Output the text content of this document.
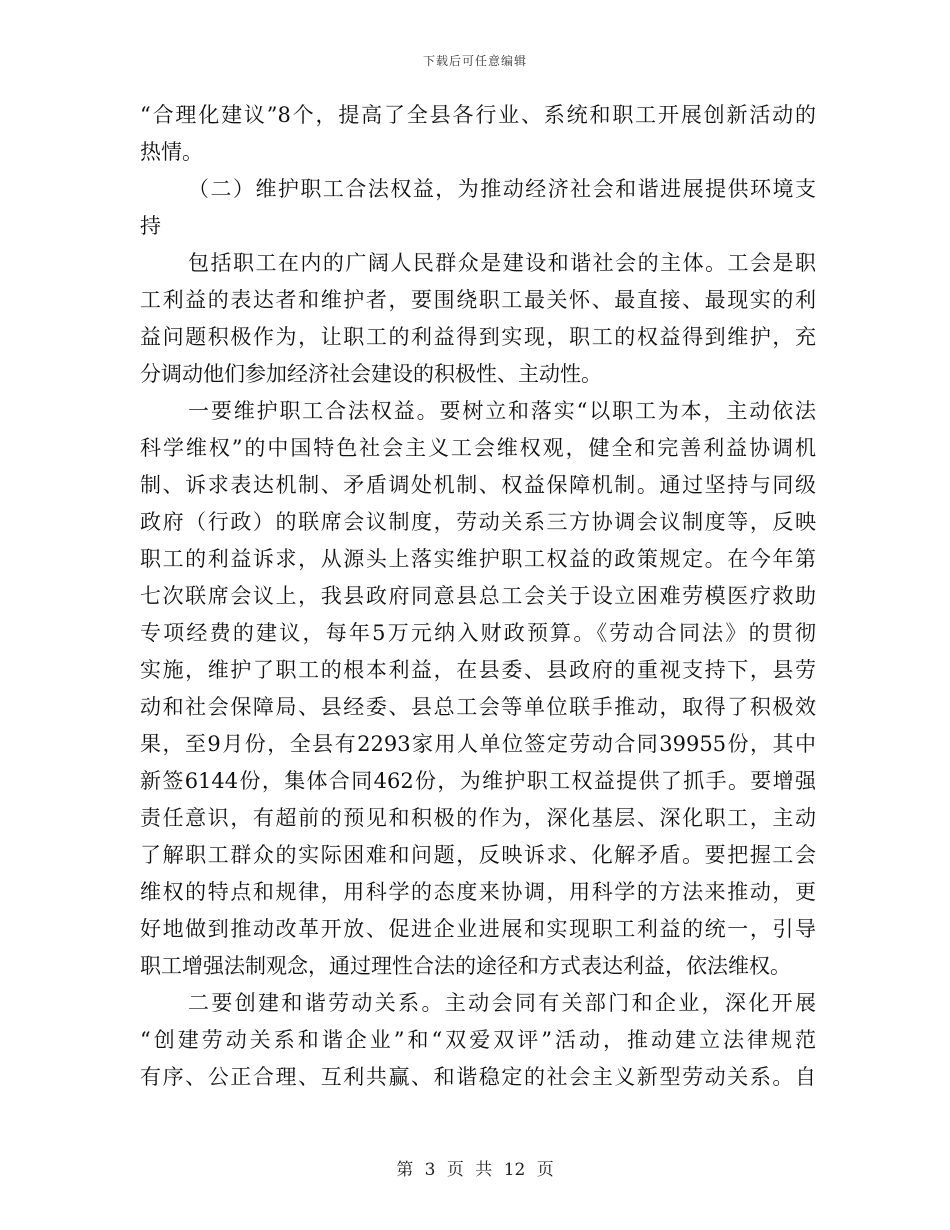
下载后可任意编辑
“合理化建议”8个，提高了全县各行业、系统和职工开展创新活动的
热情。
（二）维护职工合法权益，为推动经济社会和谐进展提供环境支
持
包括职工在内的广阔人民群众是建设和谐社会的主体。工会是职
工利益的表达者和维护者，要围绕职工最关怀、最直接、最现实的利
益问题积极作为，让职工的利益得到实现，职工的权益得到维护，充
分调动他们参加经济社会建设的积极性、主动性。
一要维护职工合法权益。要树立和落实“以职工为本，主动依法
科学维权”的中国特色社会主义工会维权观，健全和完善利益协调机
制、诉求表达机制、矛盾调处机制、权益保障机制。通过坚持与同级
政府（行政）的联席会议制度，劳动关系三方协调会议制度等，反映
职工的利益诉求，从源头上落实维护职工权益的政策规定。在今年第
七次联席会议上，我县政府同意县总工会关于设立困难劳模医疗救助
专项经费的建议，每年5万元纳入财政预算。《劳动合同法》的贯彻
实施，维护了职工的根本利益，在县委、县政府的重视支持下，县劳
动和社会保障局、县经委、县总工会等单位联手推动，取得了积极效
果，至9月份，全县有2293家用人单位签定劳动合同39955份，其中
新签6144份，集体合同462份，为维护职工权益提供了抓手。要增强
责任意识，有超前的预见和积极的作为，深化基层、深化职工，主动
了解职工群众的实际困难和问题，反映诉求、化解矛盾。要把握工会
维权的特点和规律，用科学的态度来协调，用科学的方法来推动，更
好地做到推动改革开放、促进企业进展和实现职工利益的统一，引导
职工增强法制观念，通过理性合法的途径和方式表达利益，依法维权。
二要创建和谐劳动关系。主动会同有关部门和企业，深化开展
“创建劳动关系和谐企业”和“双爱双评”活动，推动建立法律规范
有序、公正合理、互利共赢、和谐稳定的社会主义新型劳动关系。自
第 3 页 共 12 页
